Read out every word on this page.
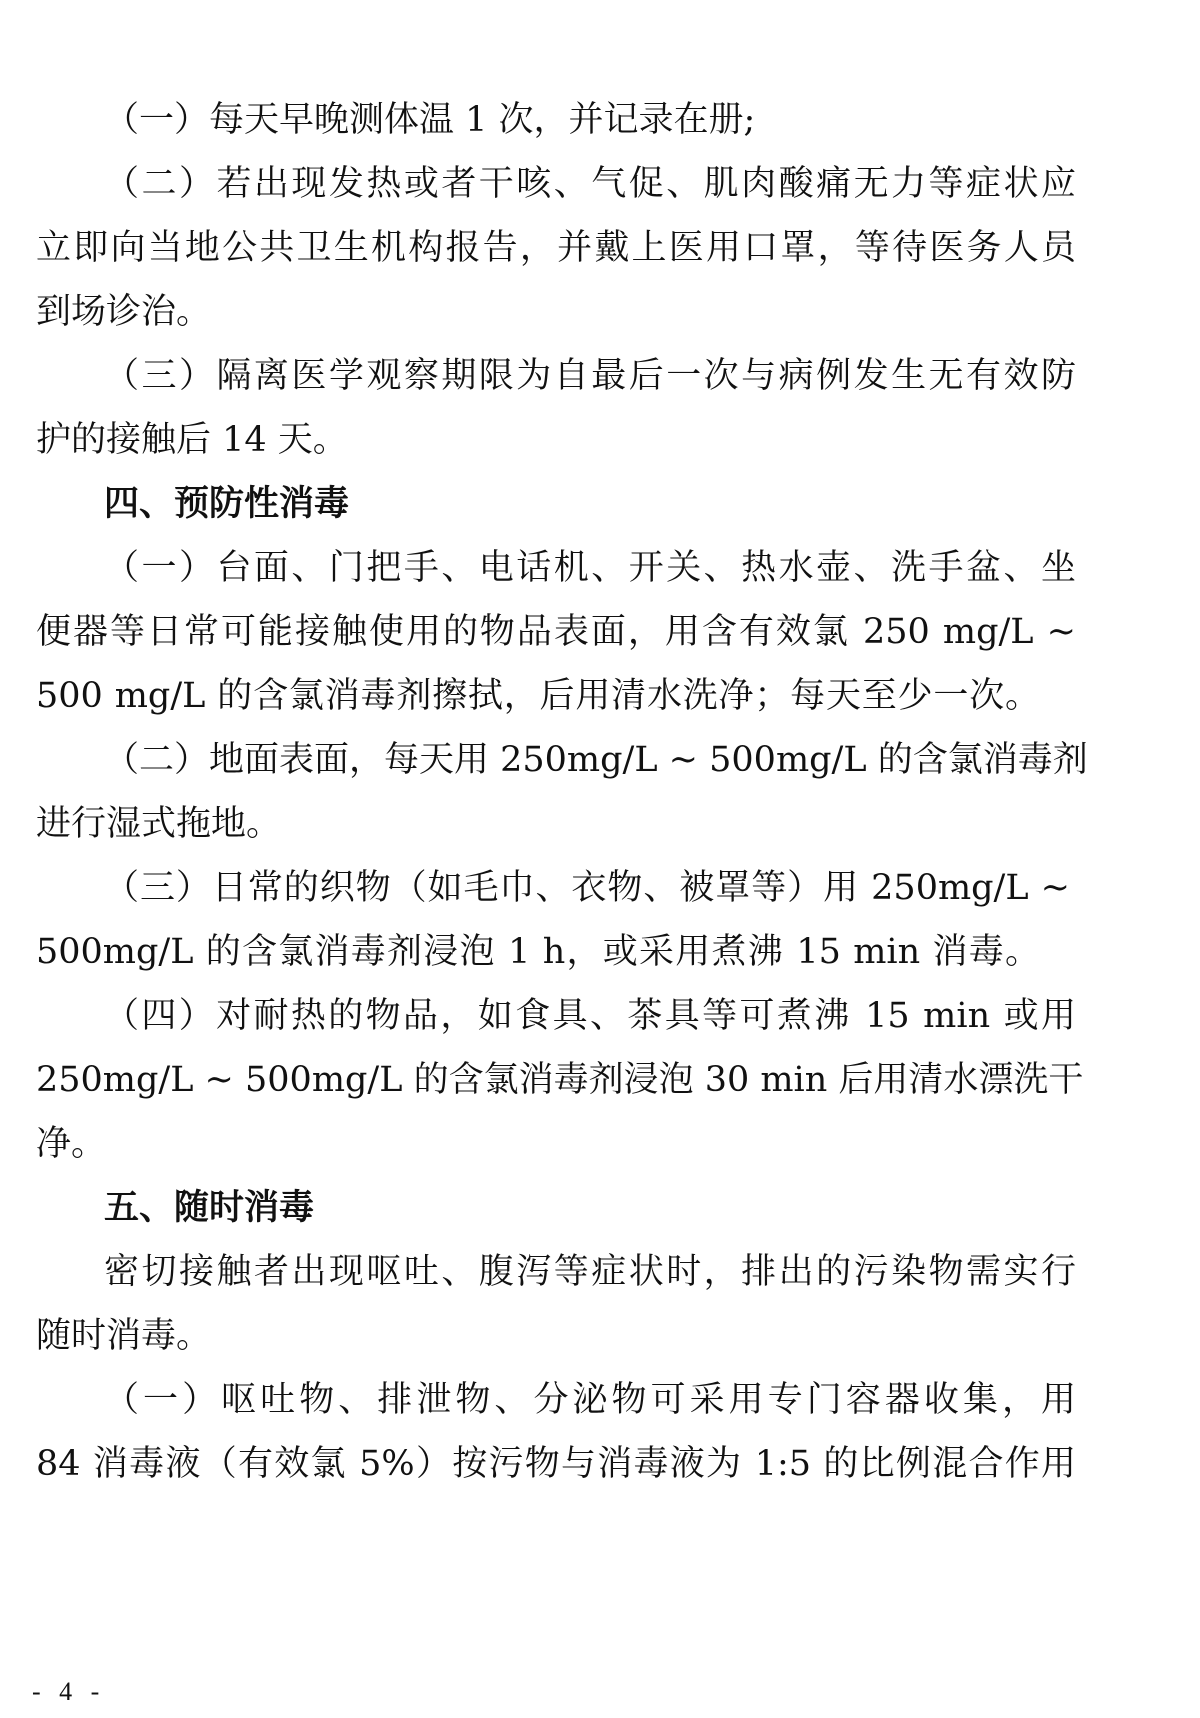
（一）每天早晚测体温 1 次，并记录在册;
（二）若出现发热或者干咳、气促、肌肉酸痛无力等症状应
立即向当地公共卫生机构报告，并戴上医用口罩，等待医务人员
到场诊治。
（三）隔离医学观察期限为自最后一次与病例发生无有效防
护的接触后 14 天。
四、预防性消毒
（一）台面、门把手、电话机、开关、热水壶、洗手盆、坐
便器等日常可能接触使用的物品表面，用含有效氯 250 mg/L ~
500 mg/L 的含氯消毒剂擦拭，后用清水洗净；每天至少一次。
（二）地面表面，每天用 250mg/L ~ 500mg/L 的含氯消毒剂
进行湿式拖地。
（三）日常的织物（如毛巾、衣物、被罩等）用 250mg/L ~
500mg/L 的含氯消毒剂浸泡 1 h，或采用煮沸 15 min 消毒。
（四）对耐热的物品，如食具、茶具等可煮沸 15 min 或用
250mg/L ~ 500mg/L 的含氯消毒剂浸泡 30 min 后用清水漂洗干
净。
五、随时消毒
密切接触者出现呕吐、腹泻等症状时，排出的污染物需实行
随时消毒。
（一）呕吐物、排泄物、分泌物可采用专门容器收集，用
84 消毒液（有效氯 5%）按污物与消毒液为 1:5 的比例混合作用
- 4 -
